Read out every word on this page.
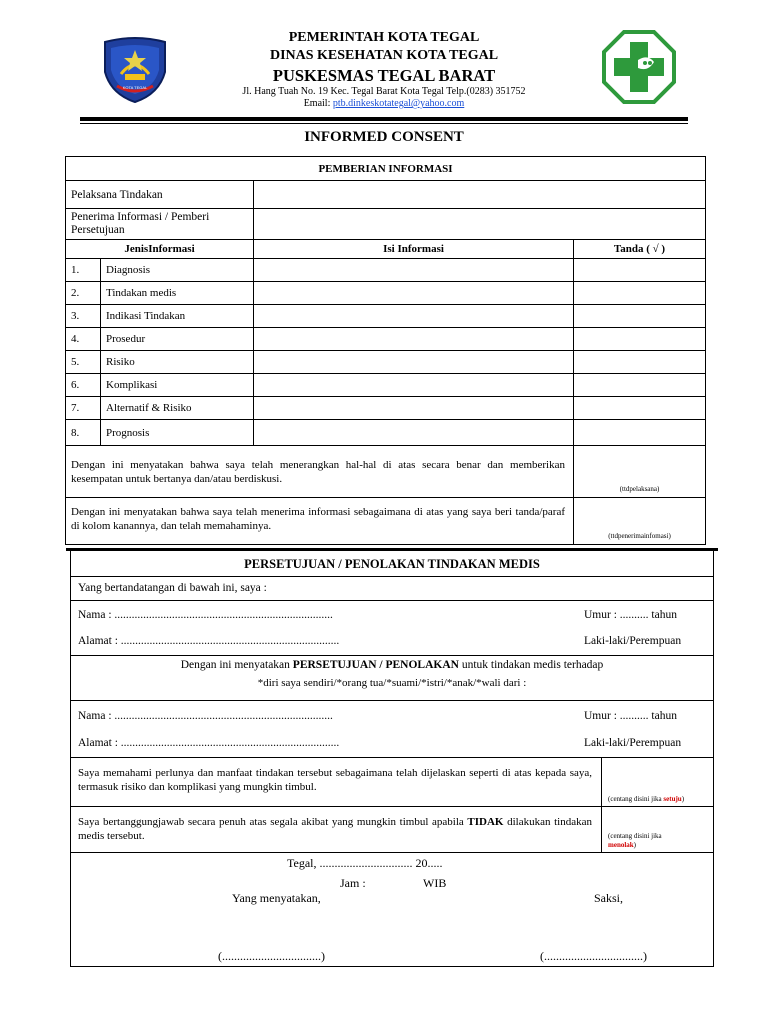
KOTA TEGAL
PEMERINTAH KOTA TEGAL
DINAS KESEHATAN KOTA TEGAL
PUSKESMAS TEGAL BARAT
Jl. Hang Tuah No. 19 Kec. Tegal Barat Kota Tegal Telp.(0283) 351752
Email: ptb.dinkeskotategal@yahoo.com
INFORMED CONSENT
PEMBERIAN INFORMASI			
Pelaksana Tindakan			

Penerima Informasi / Pemberi
Persetujuan			

JenisInformasi		Isi Informasi	Tanda ( √ )
1.	Diagnosis		
2.	Tindakan medis		
3.	Indikasi Tindakan		
4.	Prosedur		
5.	Risiko		
6.	Komplikasi		
7.	Alternatif & Risiko		
8.	Prognosis		
Dengan ini menyatakan bahwa saya telah menerangkan hal-hal di atas secara benar dan memberikan kesempatan untuk bertanya dan/atau berdiskusi.			(ttdpelaksana)
Dengan ini menyatakan bahwa saya telah menerima informasi sebagaimana di atas yang saya beri tanda/paraf di kolom kanannya, dan telah memahaminya.			(ttdpenerimainfomasi)
PERSETUJUAN / PENOLAKAN TINDAKAN MEDIS
Yang bertandatangan di bawah ini, saya :
Nama : ............................................................................	Umur : .......... tahun
Alamat : ............................................................................	Laki-laki/Perempuan
Dengan ini menyatakan PERSETUJUAN / PENOLAKAN untuk tindakan medis terhadap
*diri saya sendiri/*orang tua/*suami/*istri/*anak/*wali dari :
Nama : ............................................................................	Umur : .......... tahun
Alamat : ............................................................................	Laki-laki/Perempuan
Saya memahami perlunya dan manfaat tindakan tersebut sebagaimana telah dijelaskan seperti di atas kepada saya, termasuk risiko dan komplikasi yang mungkin timbul.
(centang disini jika setuju)
Saya bertanggungjawab secara penuh atas segala akibat yang mungkin timbul apabila TIDAK dilakukan tindakan medis tersebut.	(centang disini jika
menolak)
Tegal, ............................... 20.....
Jam :	WIB
Yang menyatakan,	Saksi,
(.................................)	(.................................)
